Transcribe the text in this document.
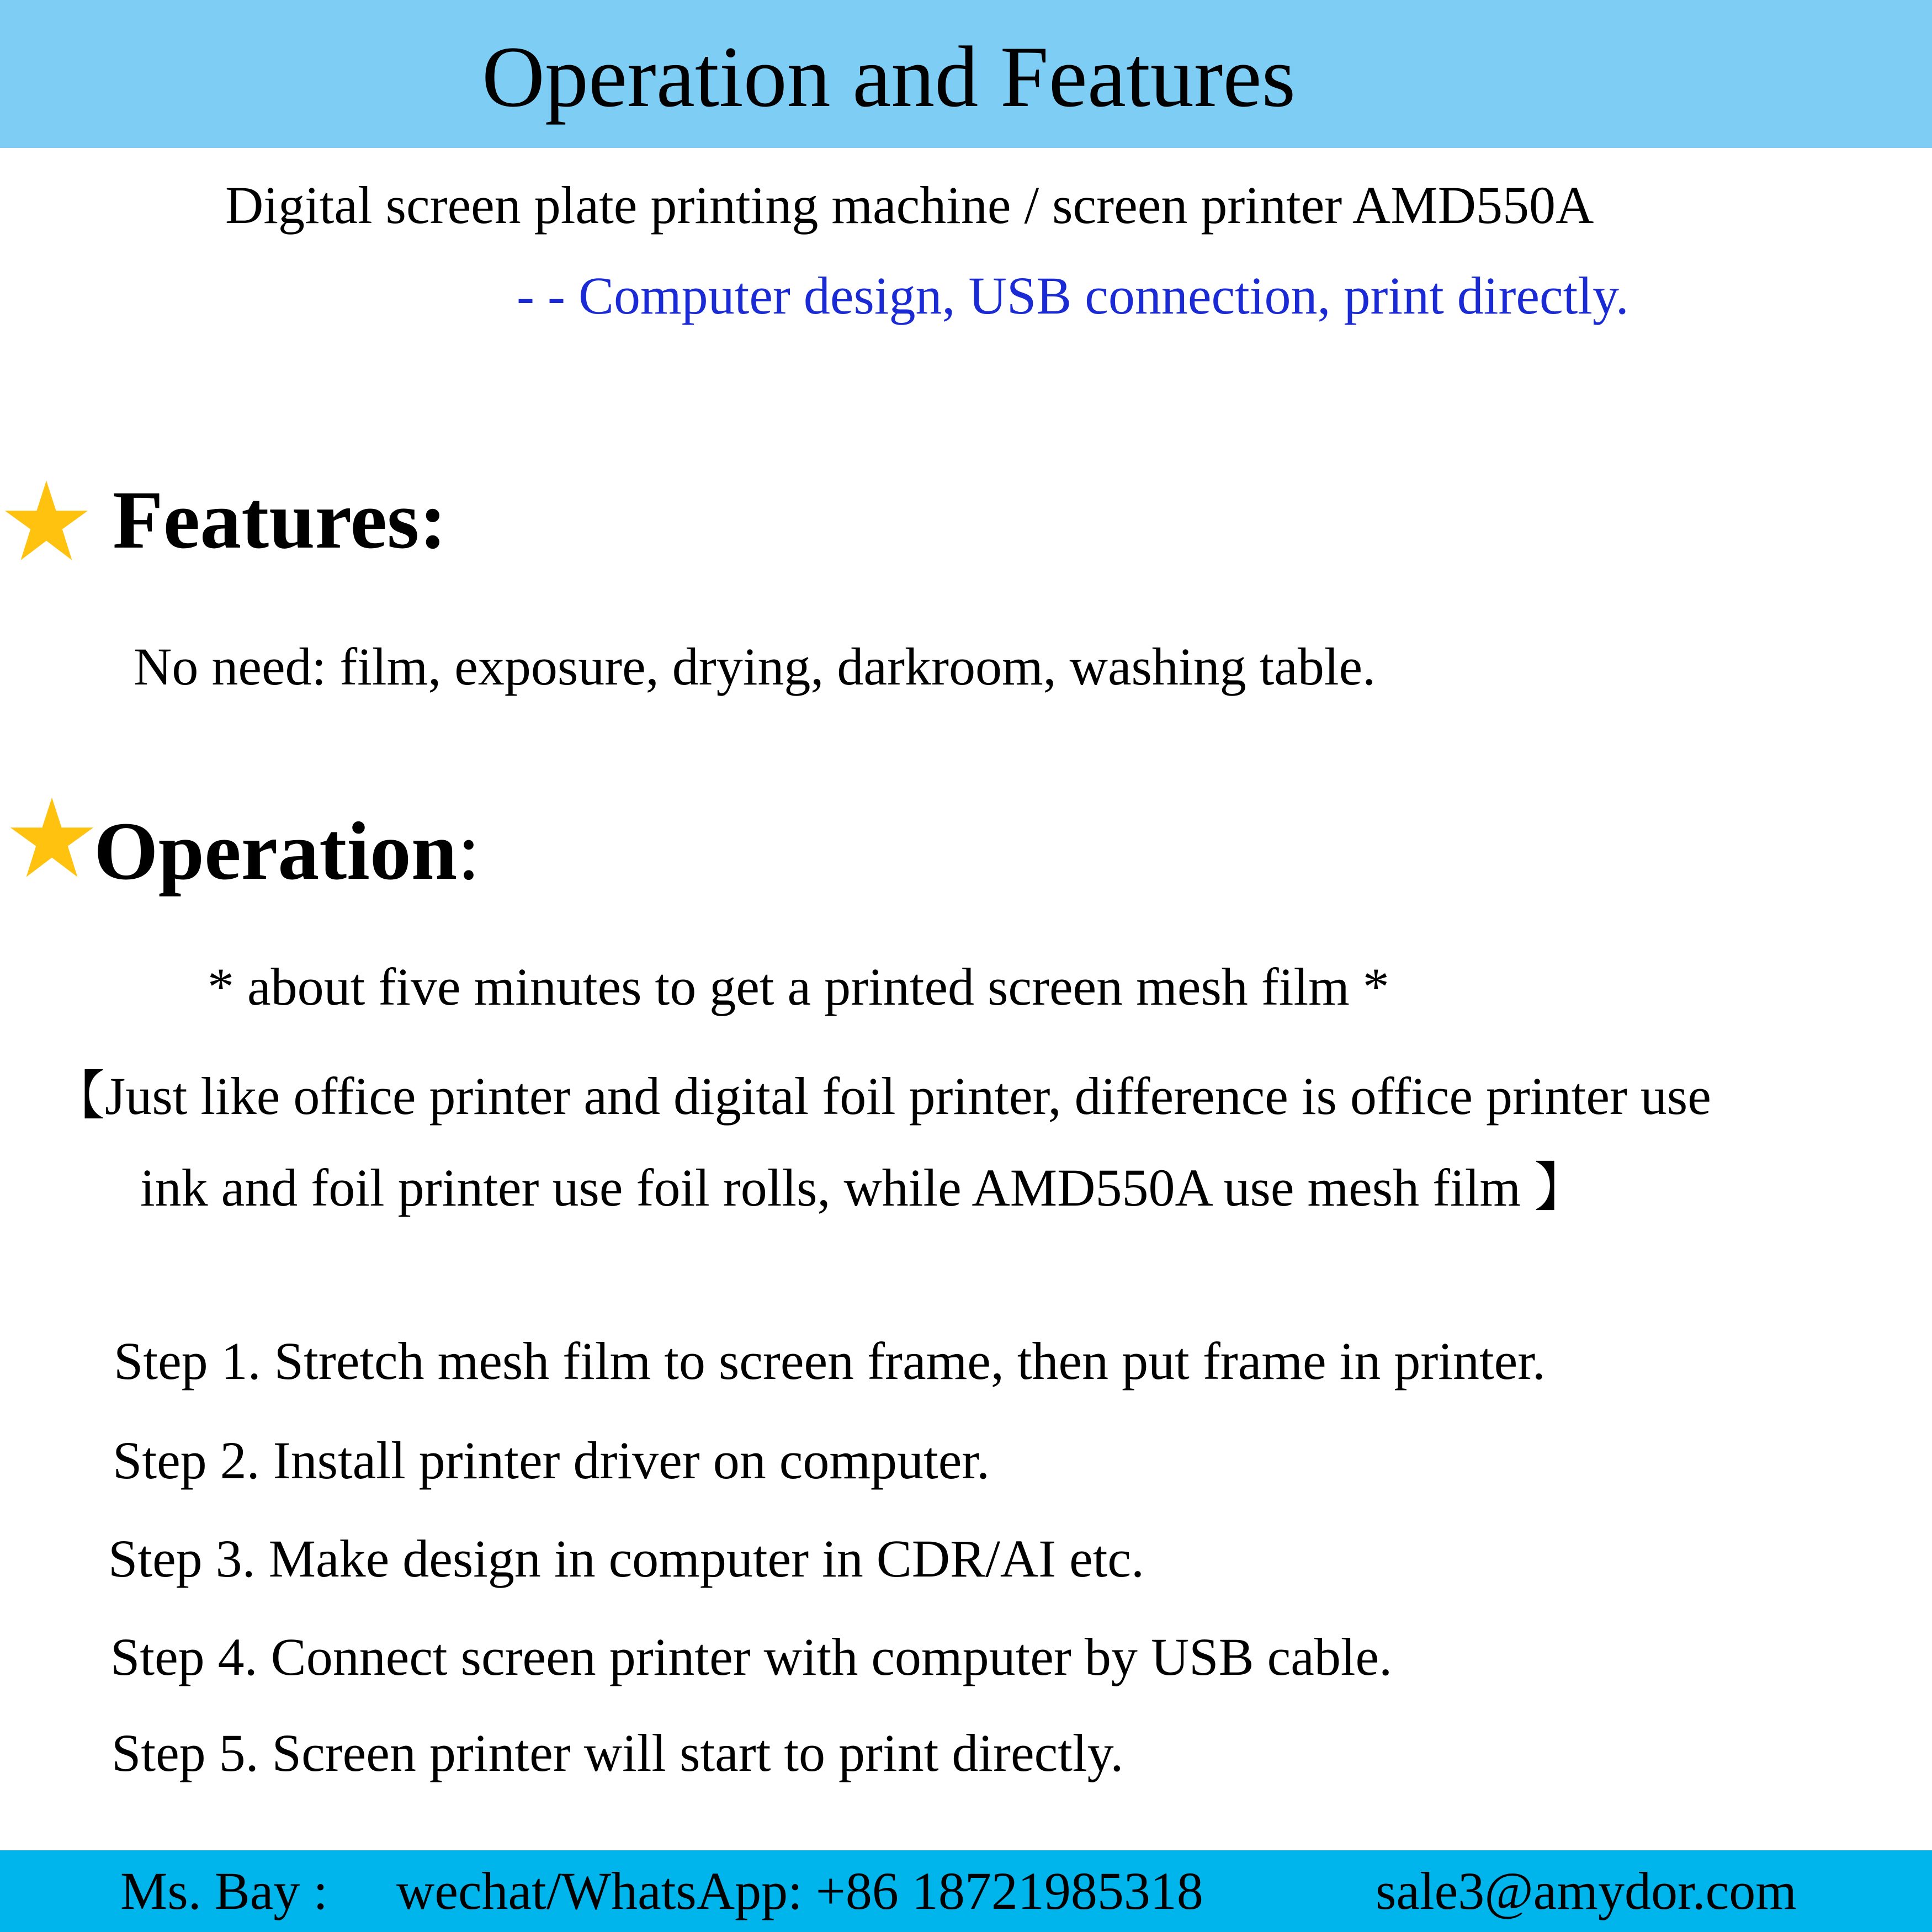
Operation and Features
Digital screen plate printing machine / screen printer AMD550A
- - Computer design, USB connection, print directly.
Features:
No need: film, exposure, drying, darkroom, washing table.
Operation:
* about five minutes to get a printed screen mesh film *
【Just like office printer and digital foil printer, difference is office printer use
ink and foil printer use foil rolls, while AMD550A use mesh film 】
Step 1. Stretch mesh film to screen frame, then put frame in printer.
Step 2. Install printer driver on computer.
Step 3. Make design in computer in CDR/AI etc.
Step 4. Connect screen printer with computer by USB cable.
Step 5. Screen printer will start to print directly.
Ms. Bay : wechat/WhatsApp: +86 18721985318	sale3@amydor.com
